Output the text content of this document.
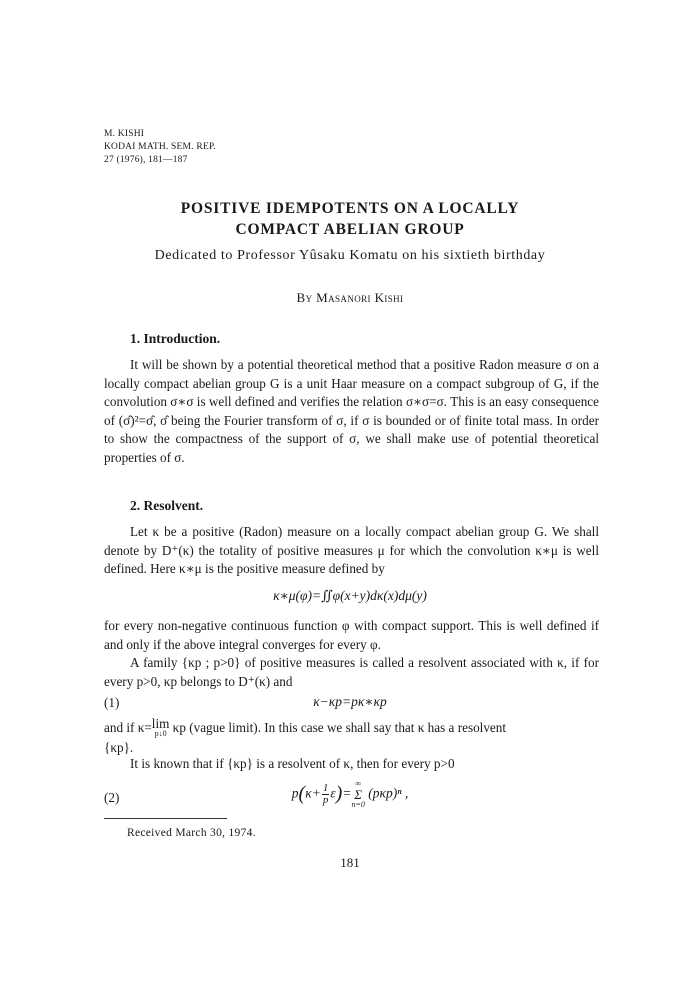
M. KISHI
KODAI MATH. SEM. REP.
27 (1976), 181—187
POSITIVE IDEMPOTENTS ON A LOCALLY
COMPACT ABELIAN GROUP
Dedicated to Professor Yûsaku Komatu on his sixtieth birthday
By Masanori Kishi
1. Introduction.
It will be shown by a potential theoretical method that a positive Radon measure σ on a locally compact abelian group G is a unit Haar measure on a compact subgroup of G, if the convolution σ∗σ is well defined and verifies the relation σ∗σ=σ. This is an easy consequence of (σ̂)²=σ̂, σ̂ being the Fourier transform of σ, if σ is bounded or of finite total mass. In order to show the compactness of the support of σ, we shall make use of potential theoretical properties of σ.
2. Resolvent.
Let κ be a positive (Radon) measure on a locally compact abelian group G. We shall denote by D⁺(κ) the totality of positive measures μ for which the convolution κ∗μ is well defined. Here κ∗μ is the positive measure defined by
κ∗μ(φ)=∬φ(x+y)dκ(x)dμ(y)
for every non-negative continuous function φ with compact support. This is well defined if and only if the above integral converges for every φ.
A family {κp ; p>0} of positive measures is called a resolvent associated with κ, if for every p>0, κp belongs to D⁺(κ) and
(1)	κ−κp=pκ∗κp
and if κ=lim
p↓0 κp (vague limit). In this case we shall say that κ has a resolvent
{κp}.
It is known that if {κp} is a resolvent of κ, then for every p>0
(2)	$p(\kappa+ \frac{1}{p} \varepsilon)=$
∞
Σ
n=0
(pκp)ⁿ ,
Received March 30, 1974.
181
